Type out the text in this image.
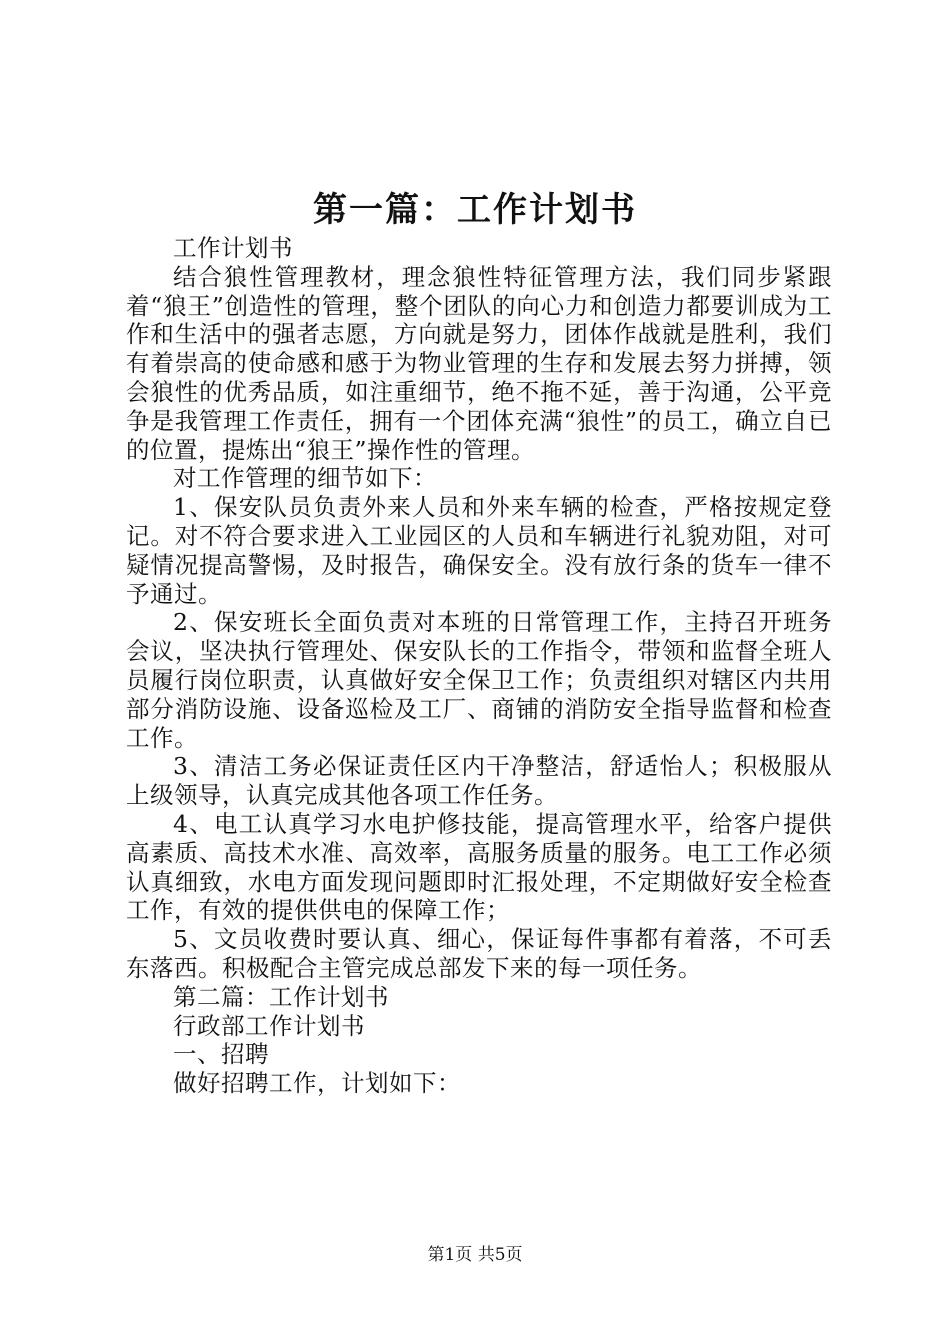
第一篇：工作计划书

工作计划书

结合狼性管理教材，理念狼性特征管理方法，我们同步紧跟着“狼王”创造性的管理，整个团队的向心力和创造力都要训成为工作和生活中的强者志愿，方向就是努力，团体作战就是胜利，我们有着崇高的使命感和感于为物业管理的生存和发展去努力拼搏，领会狼性的优秀品质，如注重细节，绝不拖不延，善于沟通，公平竞争是我管理工作责任，拥有一个团体充满“狼性”的员工，确立自已的位置，提炼出“狼王”操作性的管理。

对工作管理的细节如下：

1、保安队员负责外来人员和外来车辆的检查，严格按规定登记。对不符合要求进入工业园区的人员和车辆进行礼貌劝阻，对可疑情况提高警惕，及时报告，确保安全。没有放行条的货车一律不予通过。

2、保安班长全面负责对本班的日常管理工作，主持召开班务会议，坚决执行管理处、保安队长的工作指令，带领和监督全班人员履行岗位职责，认真做好安全保卫工作；负责组织对辖区内共用部分消防设施、设备巡检及工厂、商铺的消防安全指导监督和检查工作。

3、清洁工务必保证责任区内干净整洁，舒适怡人；积极服从上级领导，认真完成其他各项工作任务。

4、电工认真学习水电护修技能，提高管理水平，给客户提供高素质、高技术水准、高效率，高服务质量的服务。电工工作必须认真细致，水电方面发现问题即时汇报处理，不定期做好安全检查工作，有效的提供供电的保障工作；

5、文员收费时要认真、细心，保证每件事都有着落，不可丢东落西。积极配合主管完成总部发下来的每一项任务。

第二篇：工作计划书

行政部工作计划书

一、招聘

做好招聘工作，计划如下：

第1页 共5页
